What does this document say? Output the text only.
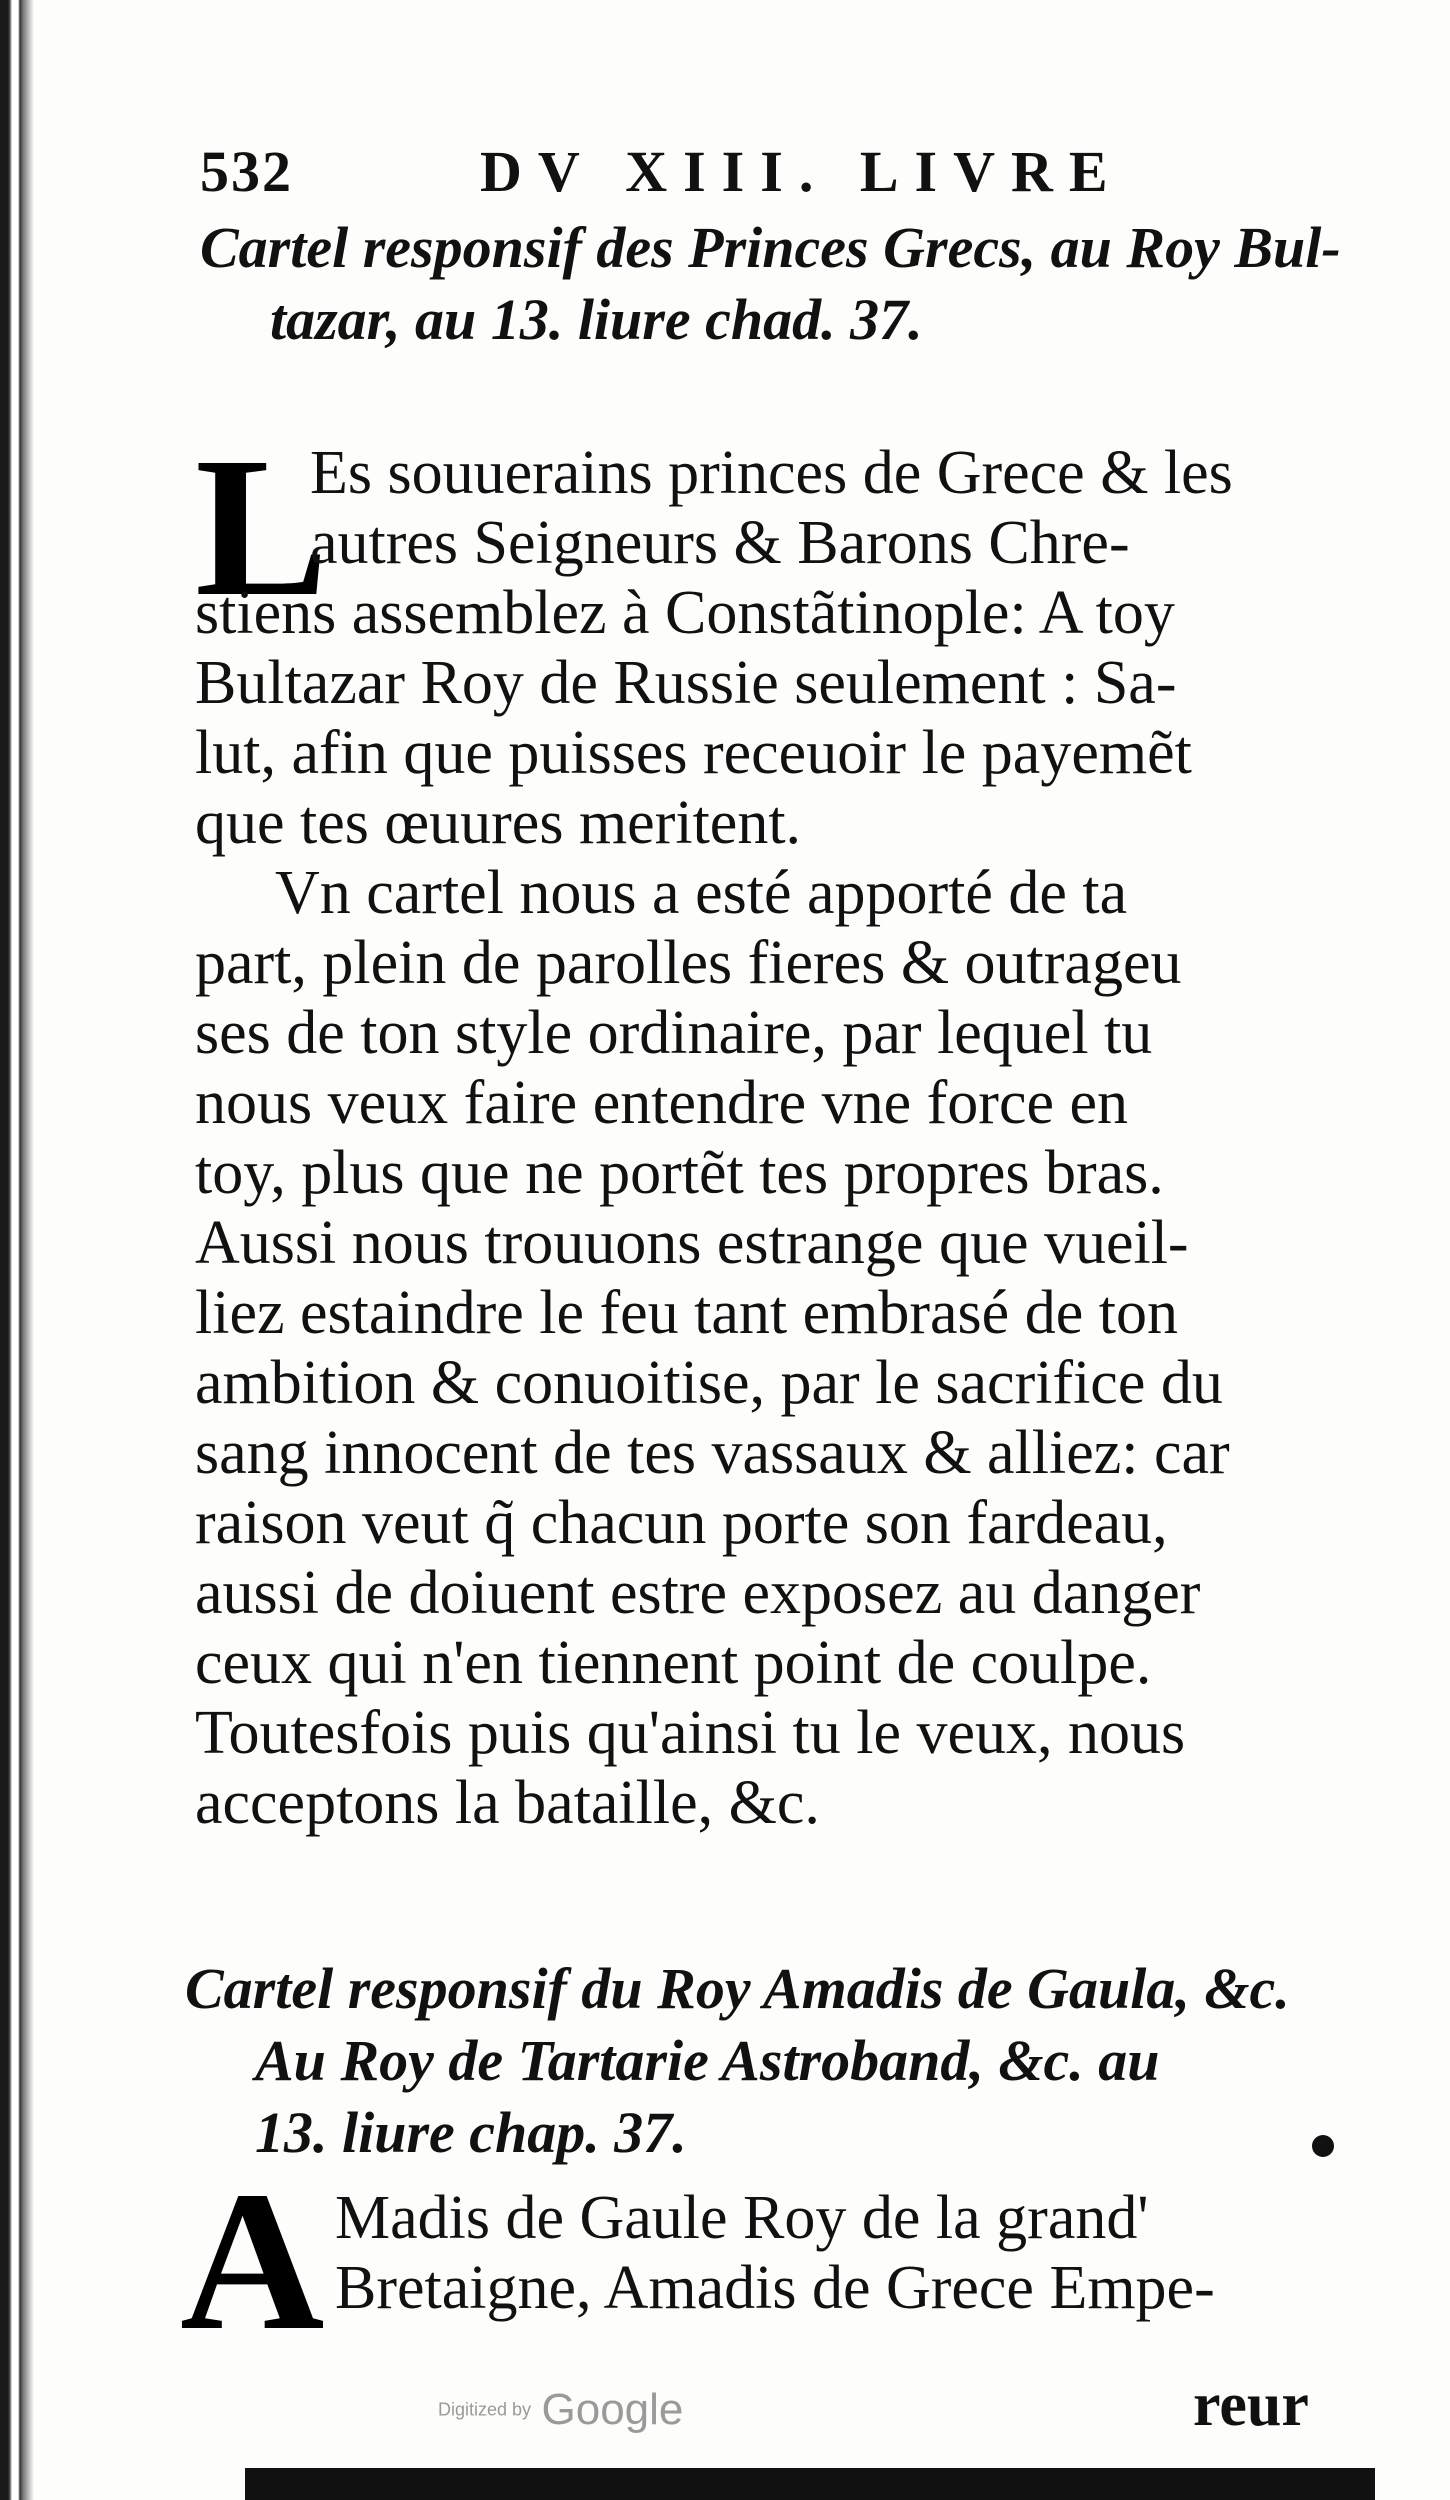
532	DV XIII. LIVRE
Cartel responsif des Princes Grecs, au Roy Bul-
tazar, au 13. liure chad. 37.
L
Es souuerains princes de Grece & les
autres Seigneurs & Barons Chre-
stiens assemblez à Constãtinople: A toy
Bultazar Roy de Russie seulement : Sa-
lut, afin que puisses receuoir le payemẽt
que tes œuures meritent.
Vn cartel nous a esté apporté de ta
part, plein de parolles fieres & outrageu
ses de ton style ordinaire, par lequel tu
nous veux faire entendre vne force en
toy, plus que ne portẽt tes propres bras.
Aussi nous trouuons estrange que vueil-
liez estaindre le feu tant embrasé de ton
ambition & conuoitise, par le sacrifice du
sang innocent de tes vassaux & alliez: car
raison veut q̃ chacun porte son fardeau,
aussi de doiuent estre exposez au danger
ceux qui n'en tiennent point de coulpe.
Toutesfois puis qu'ainsi tu le veux, nous
acceptons la bataille, &c.
Cartel responsif du Roy Amadis de Gaula, &c.
Au Roy de Tartarie Astroband, &c. au
13. liure chap. 37.
A Madis de Gaule Roy de la grand'
Bretaigne, Amadis de Grece Empe-
Digitized by Google	reur
